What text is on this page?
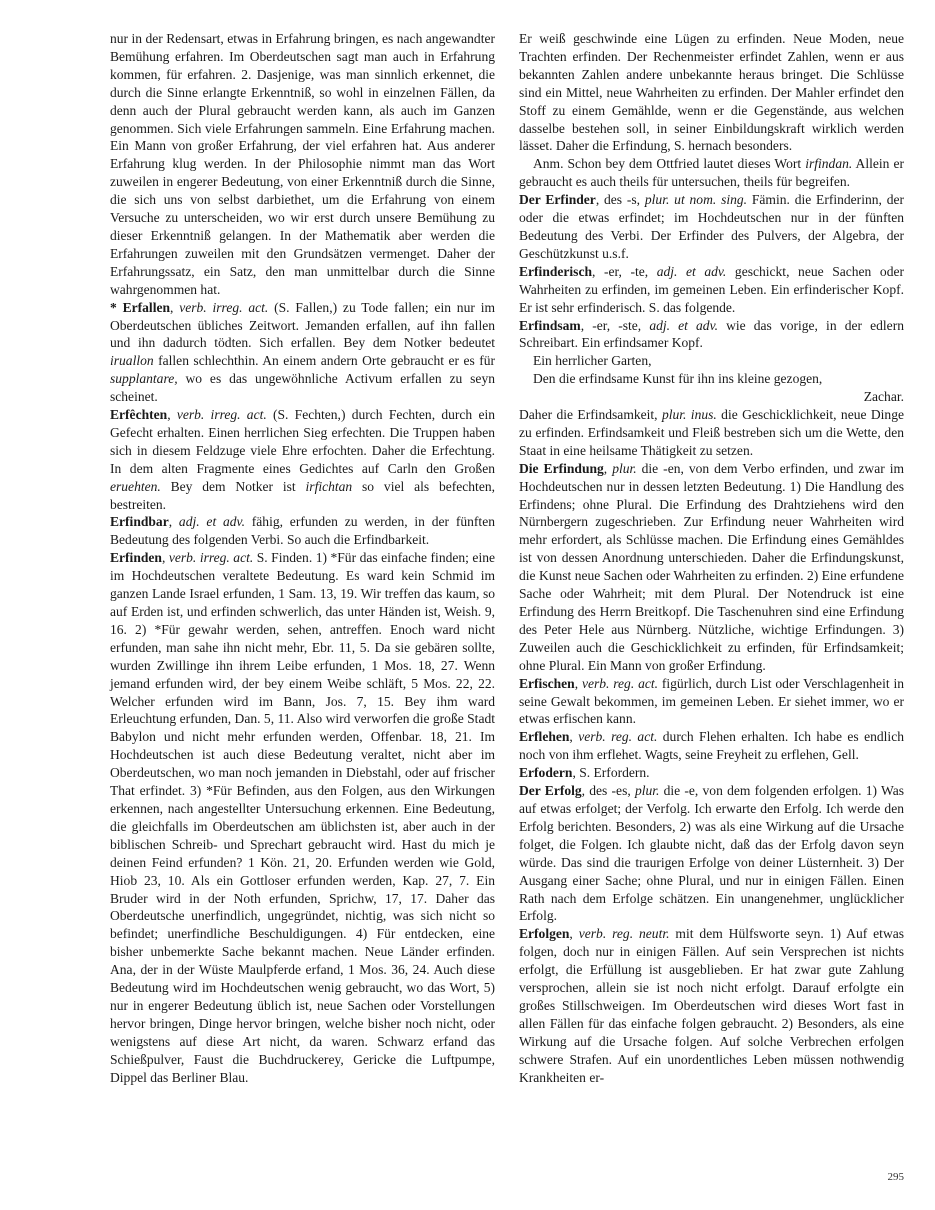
nur in der Redensart, etwas in Erfahrung bringen, es nach angewandter Bemühung erfahren. Im Oberdeutschen sagt man auch in Erfahrung kommen, für erfahren. 2. Dasjenige, was man sinnlich erkennet, die durch die Sinne erlangte Erkenntniß, so wohl in einzelnen Fällen, da denn auch der Plural gebraucht werden kann, als auch im Ganzen genommen. Sich viele Erfahrungen sammeln. Eine Erfahrung machen. Ein Mann von großer Erfahrung, der viel erfahren hat. Aus anderer Erfahrung klug werden. In der Philosophie nimmt man das Wort zuweilen in engerer Bedeutung, von einer Erkenntniß durch die Sinne, die sich uns von selbst darbiethet, um die Erfahrung von einem Versuche zu unterscheiden, wo wir erst durch unsere Bemühung zu dieser Erkenntniß gelangen. In der Mathematik aber werden die Erfahrungen zuweilen mit den Grundsätzen vermenget. Daher der Erfahrungssatz, ein Satz, den man unmittelbar durch die Sinne wahrgenommen hat.
* Erfallen, verb. irreg. act. (S. Fallen,) zu Tode fallen; ein nur im Oberdeutschen übliches Zeitwort. Jemanden erfallen, auf ihn fallen und ihn dadurch tödten. Sich erfallen. Bey dem Notker bedeutet iruallon fallen schlechthin. An einem andern Orte gebraucht er es für supplantare, wo es das ungewöhnliche Activum erfallen zu seyn scheinet.
Erfêchten, verb. irreg. act. (S. Fechten,) durch Fechten, durch ein Gefecht erhalten. Einen herrlichen Sieg erfechten. Die Truppen haben sich in diesem Feldzuge viele Ehre erfochten. Daher die Erfechtung. In dem alten Fragmente eines Gedichtes auf Carln den Großen eruehten. Bey dem Notker ist irfichtan so viel als befechten, bestreiten.
Erfindbar, adj. et adv. fähig, erfunden zu werden, in der fünften Bedeutung des folgenden Verbi. So auch die Erfindbarkeit.
Erfinden, verb. irreg. act. S. Finden. 1) *Für das einfache finden; eine im Hochdeutschen veraltete Bedeutung. Es ward kein Schmid im ganzen Lande Israel erfunden, 1 Sam. 13, 19. Wir treffen das kaum, so auf Erden ist, und erfinden schwerlich, das unter Händen ist, Weish. 9, 16. 2) *Für gewahr werden, sehen, antreffen. Enoch ward nicht erfunden, man sahe ihn nicht mehr, Ebr. 11, 5. Da sie gebären sollte, wurden Zwillinge ihn ihrem Leibe erfunden, 1 Mos. 18, 27. Wenn jemand erfunden wird, der bey einem Weibe schläft, 5 Mos. 22, 22. Welcher erfunden wird im Bann, Jos. 7, 15. Bey ihm ward Erleuchtung erfunden, Dan. 5, 11. Also wird verworfen die große Stadt Babylon und nicht mehr erfunden werden, Offenbar. 18, 21. Im Hochdeutschen ist auch diese Bedeutung veraltet, nicht aber im Oberdeutschen, wo man noch jemanden in Diebstahl, oder auf frischer That erfindet. 3) *Für Befinden, aus den Folgen, aus den Wirkungen erkennen, nach angestellter Untersuchung erkennen. Eine Bedeutung, die gleichfalls im Oberdeutschen am üblichsten ist, aber auch in der biblischen Schreib- und Sprechart gebraucht wird. Hast du mich je deinen Feind erfunden? 1 Kön. 21, 20. Erfunden werden wie Gold, Hiob 23, 10. Als ein Gottloser erfunden werden, Kap. 27, 7. Ein Bruder wird in der Noth erfunden, Sprichw, 17, 17. Daher das Oberdeutsche unerfindlich, ungegründet, nichtig, was sich nicht so befindet; unerfindliche Beschuldigungen. 4) Für entdecken, eine bisher unbemerkte Sache bekannt machen. Neue Länder erfinden. Ana, der in der Wüste Maulpferde erfand, 1 Mos. 36, 24. Auch diese Bedeutung wird im Hochdeutschen wenig gebraucht, wo das Wort, 5) nur in engerer Bedeutung üblich ist, neue Sachen oder Vorstellungen hervor bringen, Dinge hervor bringen, welche bisher noch nicht, oder wenigstens auf diese Art nicht, da waren. Schwarz erfand das Schießpulver, Faust die Buchdruckerey, Gericke die Luftpumpe, Dippel das Berliner Blau.
Er weiß geschwinde eine Lügen zu erfinden. Neue Moden, neue Trachten erfinden. Der Rechenmeister erfindet Zahlen, wenn er aus bekannten Zahlen andere unbekannte heraus bringet. Die Schlüsse sind ein Mittel, neue Wahrheiten zu erfinden. Der Mahler erfindet den Stoff zu einem Gemählde, wenn er die Gegenstände, aus welchen dasselbe bestehen soll, in seiner Einbildungskraft wirklich werden lässet. Daher die Erfindung, S. hernach besonders.
Anm. Schon bey dem Ottfried lautet dieses Wort irfindan. Allein er gebraucht es auch theils für untersuchen, theils für begreifen.
Der Erfinder, des -s, plur. ut nom. sing. Fämin. die Erfinderinn, der oder die etwas erfindet; im Hochdeutschen nur in der fünften Bedeutung des Verbi. Der Erfinder des Pulvers, der Algebra, der Geschützkunst u.s.f.
Erfinderisch, -er, -te, adj. et adv. geschickt, neue Sachen oder Wahrheiten zu erfinden, im gemeinen Leben. Ein erfinderischer Kopf. Er ist sehr erfinderisch. S. das folgende.
Erfindsam, -er, -ste, adj. et adv. wie das vorige, in der edlern Schreibart. Ein erfindsamer Kopf.
Ein herrlicher Garten,
Den die erfindsame Kunst für ihn ins kleine gezogen,
Zachar.
Daher die Erfindsamkeit, plur. inus. die Geschicklichkeit, neue Dinge zu erfinden. Erfindsamkeit und Fleiß bestreben sich um die Wette, den Staat in eine heilsame Thätigkeit zu setzen.
Die Erfindung, plur. die -en, von dem Verbo erfinden, und zwar im Hochdeutschen nur in dessen letzten Bedeutung. 1) Die Handlung des Erfindens; ohne Plural. Die Erfindung des Drahtziehens wird den Nürnbergern zugeschrieben. Zur Erfindung neuer Wahrheiten wird mehr erfordert, als Schlüsse machen. Die Erfindung eines Gemähldes ist von dessen Anordnung unterschieden. Daher die Erfindungskunst, die Kunst neue Sachen oder Wahrheiten zu erfinden. 2) Eine erfundene Sache oder Wahrheit; mit dem Plural. Der Notendruck ist eine Erfindung des Herrn Breitkopf. Die Taschenuhren sind eine Erfindung des Peter Hele aus Nürnberg. Nützliche, wichtige Erfindungen. 3) Zuweilen auch die Geschicklichkeit zu erfinden, für Erfindsamkeit; ohne Plural. Ein Mann von großer Erfindung.
Erfischen, verb. reg. act. figürlich, durch List oder Verschlagenheit in seine Gewalt bekommen, im gemeinen Leben. Er siehet immer, wo er etwas erfischen kann.
Erflehen, verb. reg. act. durch Flehen erhalten. Ich habe es endlich noch von ihm erflehet. Wagts, seine Freyheit zu erflehen, Gell.
Erfodern, S. Erfordern.
Der Erfolg, des -es, plur. die -e, von dem folgenden erfolgen. 1) Was auf etwas erfolget; der Verfolg. Ich erwarte den Erfolg. Ich werde den Erfolg berichten. Besonders, 2) was als eine Wirkung auf die Ursache folget, die Folgen. Ich glaubte nicht, daß das der Erfolg davon seyn würde. Das sind die traurigen Erfolge von deiner Lüsternheit. 3) Der Ausgang einer Sache; ohne Plural, und nur in einigen Fällen. Einen Rath nach dem Erfolge schätzen. Ein unangenehmer, unglücklicher Erfolg.
Erfolgen, verb. reg. neutr. mit dem Hülfsworte seyn. 1) Auf etwas folgen, doch nur in einigen Fällen. Auf sein Versprechen ist nichts erfolgt, die Erfüllung ist ausgeblieben. Er hat zwar gute Zahlung versprochen, allein sie ist noch nicht erfolgt. Darauf erfolgte ein großes Stillschweigen. Im Oberdeutschen wird dieses Wort fast in allen Fällen für das einfache folgen gebraucht. 2) Besonders, als eine Wirkung auf die Ursache folgen. Auf solche Verbrechen erfolgen schwere Strafen. Auf ein unordentliches Leben müssen nothwendig Krankheiten er-
295
